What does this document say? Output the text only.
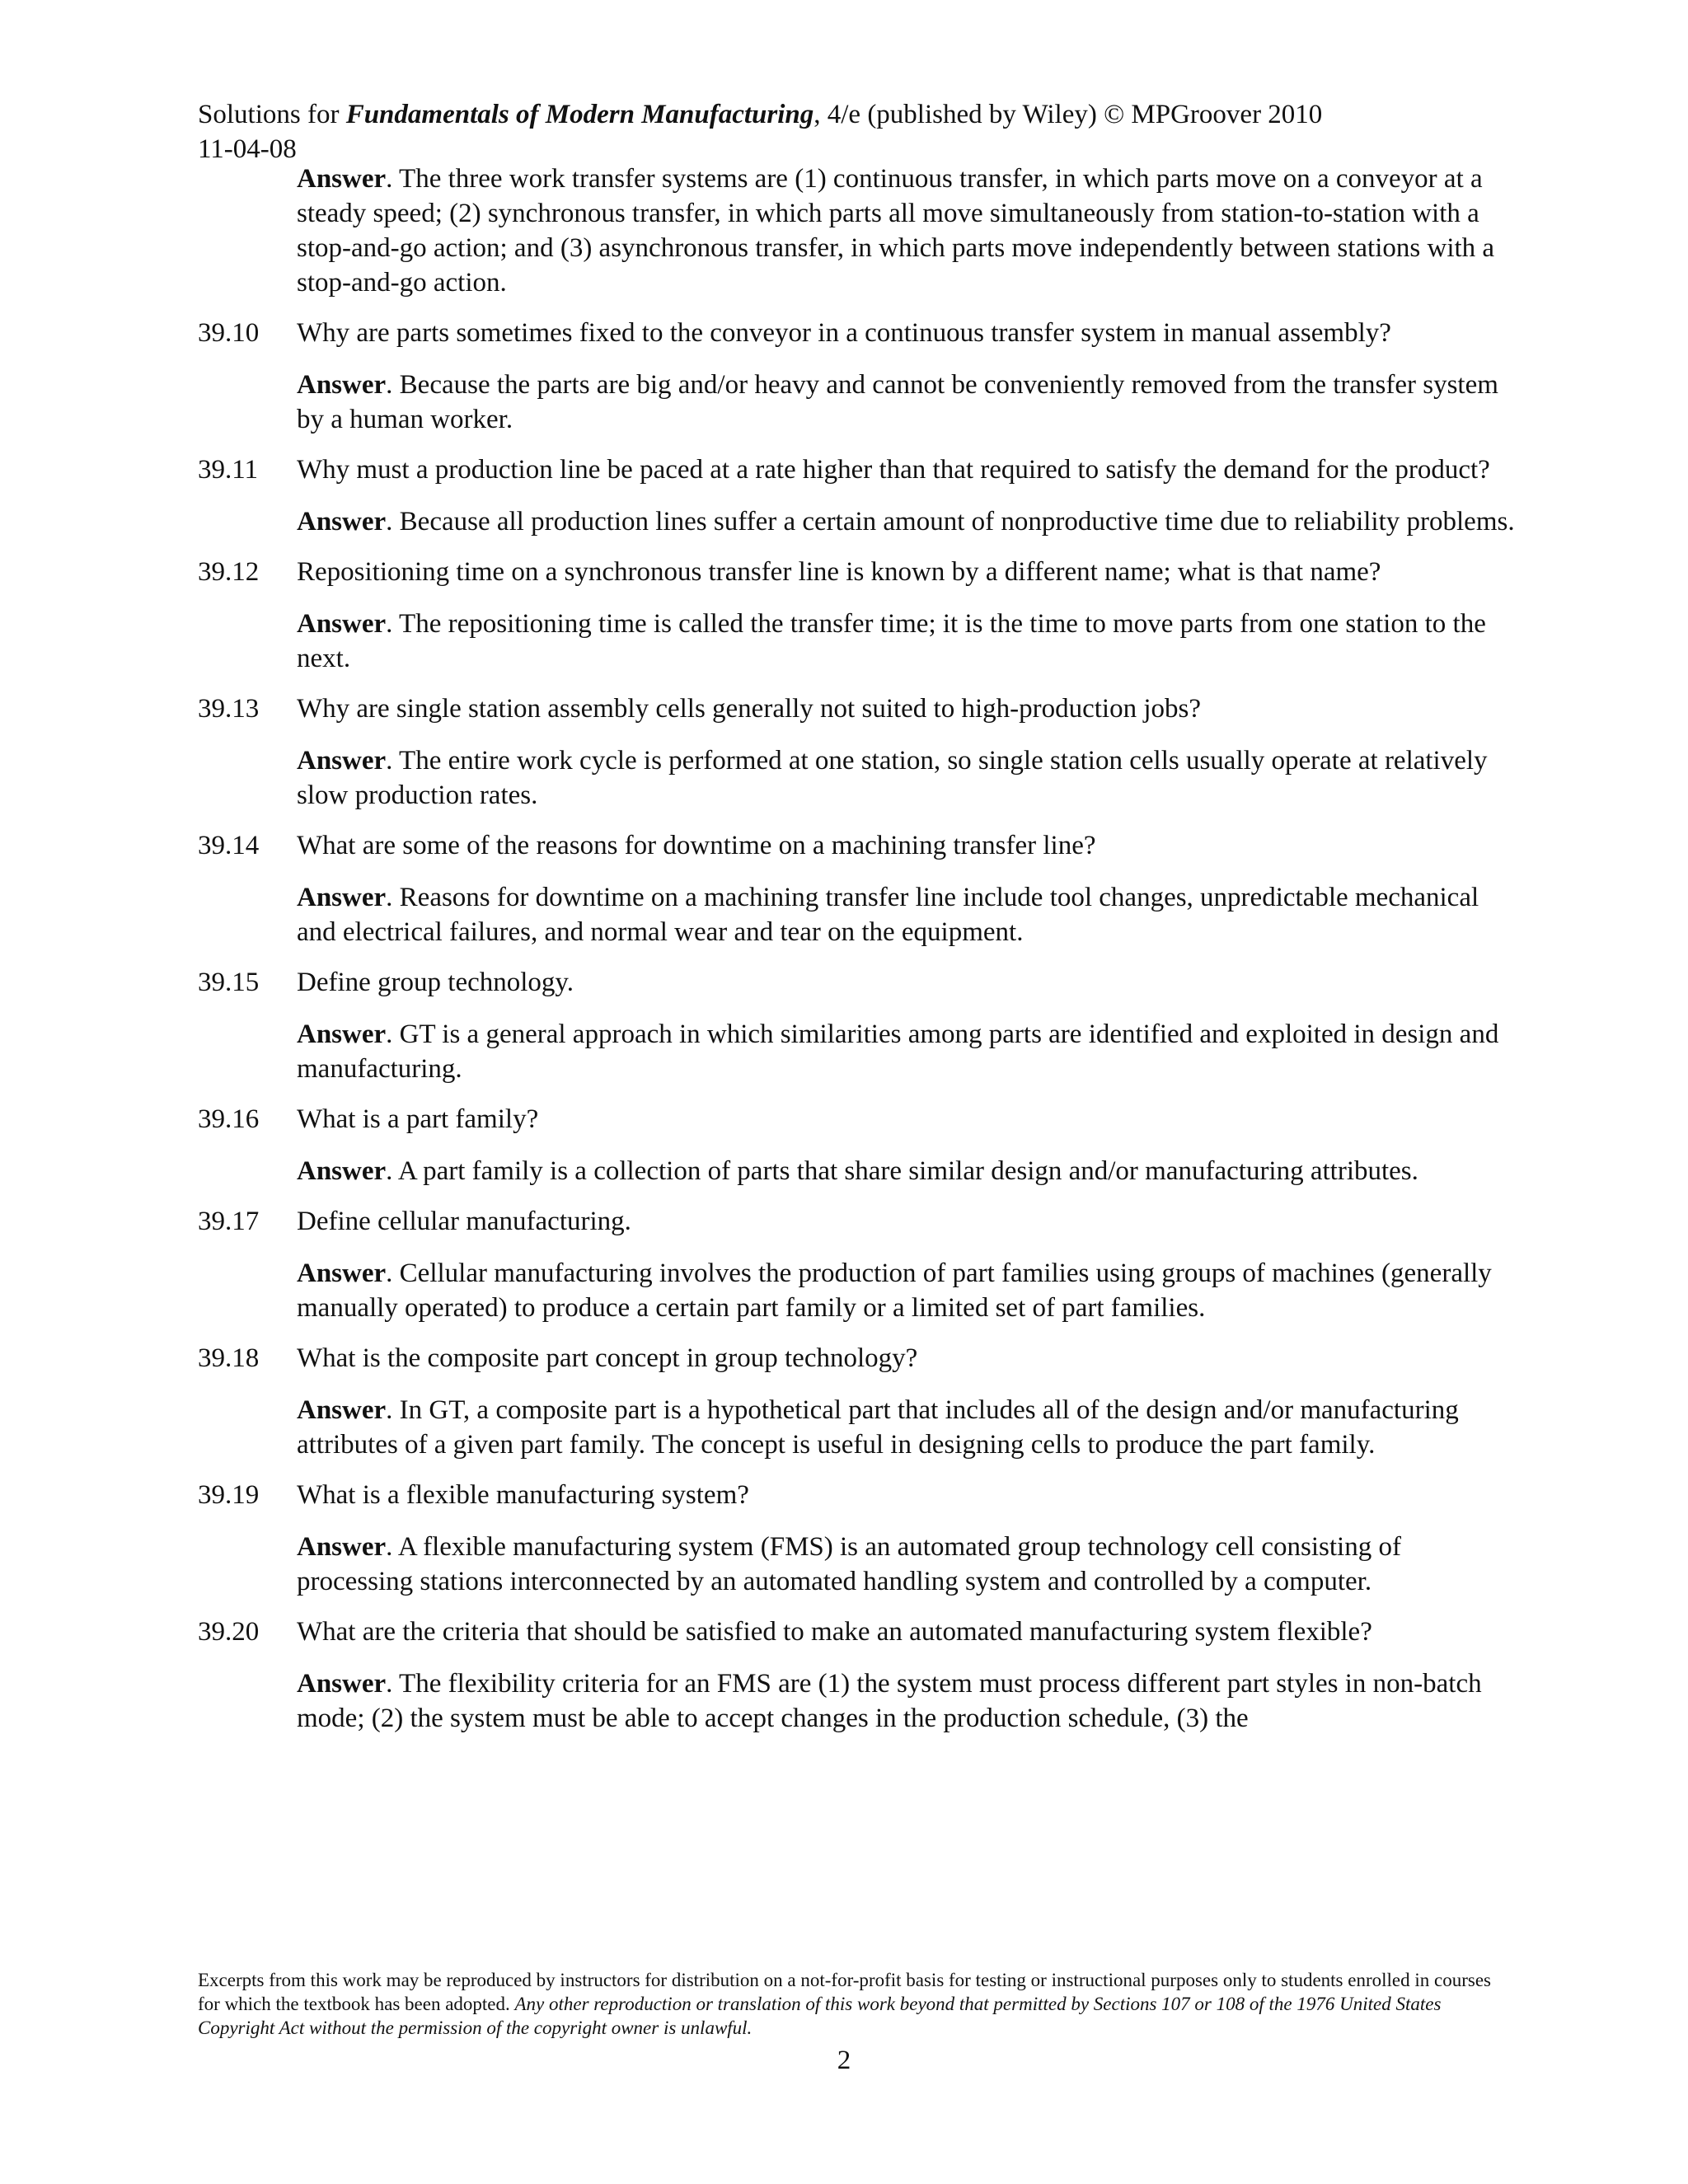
Solutions for Fundamentals of Modern Manufacturing, 4/e (published by Wiley) © MPGroover 2010
11-04-08
Answer. The three work transfer systems are (1) continuous transfer, in which parts move on a conveyor at a steady speed; (2) synchronous transfer, in which parts all move simultaneously from station-to-station with a stop-and-go action; and (3) asynchronous transfer, in which parts move independently between stations with a stop-and-go action.
39.10	Why are parts sometimes fixed to the conveyor in a continuous transfer system in manual assembly?
Answer. Because the parts are big and/or heavy and cannot be conveniently removed from the transfer system by a human worker.
39.11	Why must a production line be paced at a rate higher than that required to satisfy the demand for the product?
Answer. Because all production lines suffer a certain amount of nonproductive time due to reliability problems.
39.12	Repositioning time on a synchronous transfer line is known by a different name; what is that name?
Answer. The repositioning time is called the transfer time; it is the time to move parts from one station to the next.
39.13	Why are single station assembly cells generally not suited to high-production jobs?
Answer. The entire work cycle is performed at one station, so single station cells usually operate at relatively slow production rates.
39.14	What are some of the reasons for downtime on a machining transfer line?
Answer. Reasons for downtime on a machining transfer line include tool changes, unpredictable mechanical and electrical failures, and normal wear and tear on the equipment.
39.15	Define group technology.
Answer. GT is a general approach in which similarities among parts are identified and exploited in design and manufacturing.
39.16	What is a part family?
Answer. A part family is a collection of parts that share similar design and/or manufacturing attributes.
39.17	Define cellular manufacturing.
Answer. Cellular manufacturing involves the production of part families using groups of machines (generally manually operated) to produce a certain part family or a limited set of part families.
39.18	What is the composite part concept in group technology?
Answer. In GT, a composite part is a hypothetical part that includes all of the design and/or manufacturing attributes of a given part family. The concept is useful in designing cells to produce the part family.
39.19	What is a flexible manufacturing system?
Answer. A flexible manufacturing system (FMS) is an automated group technology cell consisting of processing stations interconnected by an automated handling system and controlled by a computer.
39.20	What are the criteria that should be satisfied to make an automated manufacturing system flexible?
Answer. The flexibility criteria for an FMS are (1) the system must process different part styles in non-batch mode; (2) the system must be able to accept changes in the production schedule, (3) the
Excerpts from this work may be reproduced by instructors for distribution on a not-for-profit basis for testing or instructional purposes only to students enrolled in courses for which the textbook has been adopted. Any other reproduction or translation of this work beyond that permitted by Sections 107 or 108 of the 1976 United States Copyright Act without the permission of the copyright owner is unlawful.
2
